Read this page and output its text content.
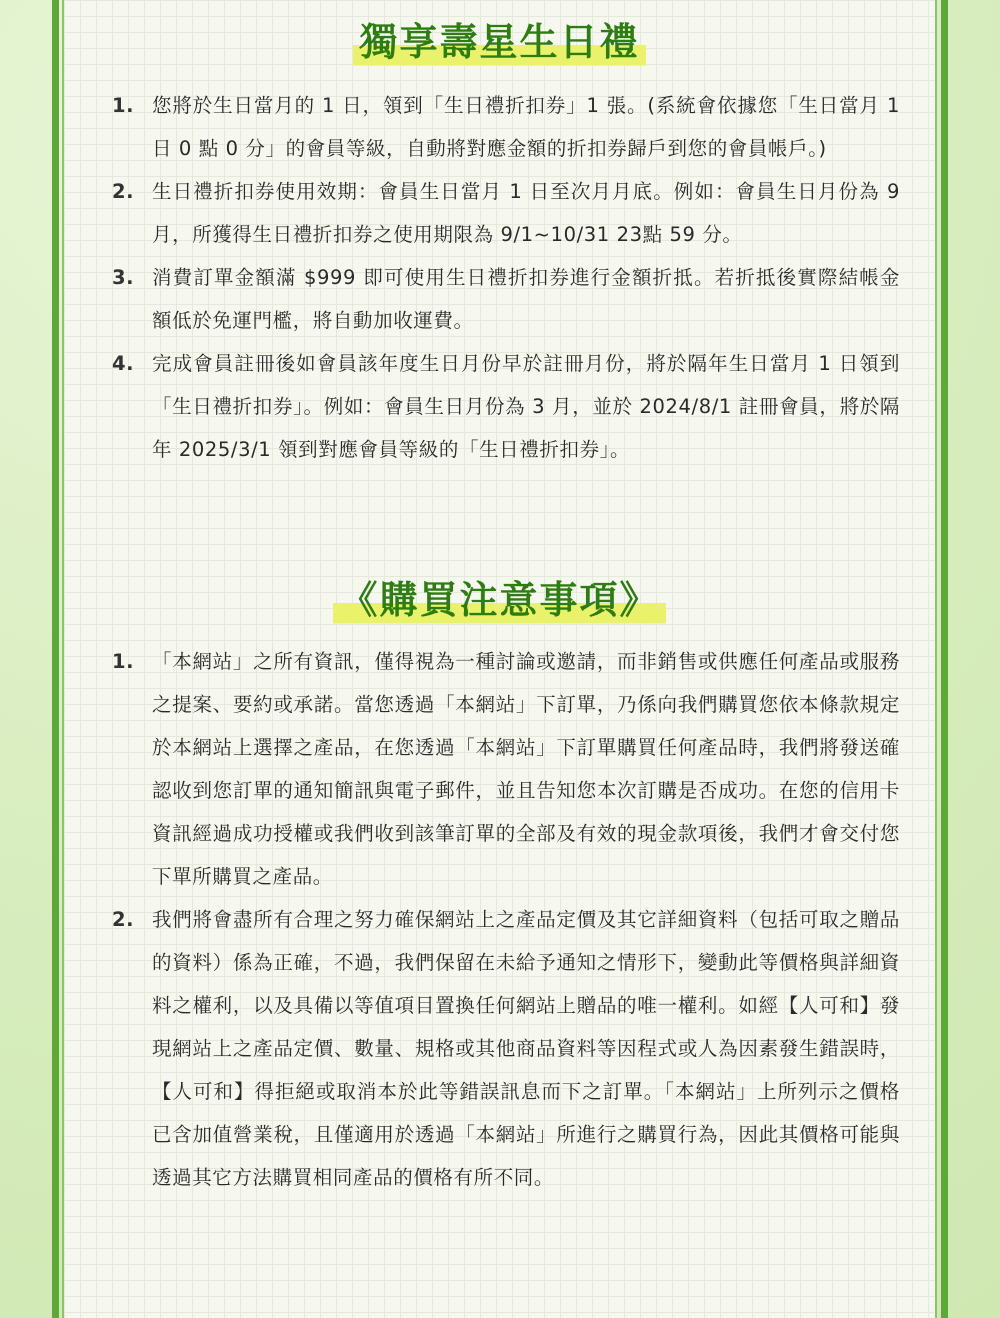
獨享壽星生日禮
1. 您將於生日當月的 1 日，領到「生日禮折扣券」1 張。(系統會依據您「生日當月 1 日 0 點 0 分」的會員等級，自動將對應金額的折扣券歸戶到您的會員帳戶。)
2. 生日禮折扣券使用效期：會員生日當月 1 日至次月月底。例如：會員生日月份為 9 月，所獲得生日禮折扣券之使用期限為 9/1~10/31 23點 59 分。
3. 消費訂單金額滿 $999 即可使用生日禮折扣券進行金額折抵。若折抵後實際結帳金額低於免運門檻，將自動加收運費。
4. 完成會員註冊後如會員該年度生日月份早於註冊月份，將於隔年生日當月 1 日領到「生日禮折扣券」。例如：會員生日月份為 3 月，並於 2024/8/1 註冊會員，將於隔年 2025/3/1 領到對應會員等級的「生日禮折扣券」。
《購買注意事項》
1. 「本網站」之所有資訊，僅得視為一種討論或邀請，而非銷售或供應任何產品或服務之提案、要約或承諾。當您透過「本網站」下訂單，乃係向我們購買您依本條款規定於本網站上選擇之產品，在您透過「本網站」下訂單購買任何產品時，我們將發送確認收到您訂單的通知簡訊與電子郵件，並且告知您本次訂購是否成功。在您的信用卡資訊經過成功授權或我們收到該筆訂單的全部及有效的現金款項後，我們才會交付您下單所購買之產品。
2. 我們將會盡所有合理之努力確保網站上之產品定價及其它詳細資料（包括可取之贈品的資料）係為正確，不過，我們保留在未給予通知之情形下，變動此等價格與詳細資料之權利，以及具備以等值項目置換任何網站上贈品的唯一權利。如經【人可和】發現網站上之產品定價、數量、規格或其他商品資料等因程式或人為因素發生錯誤時，【人可和】得拒絕或取消本於此等錯誤訊息而下之訂單。「本網站」上所列示之價格已含加值營業稅，且僅適用於透過「本網站」所進行之購買行為，因此其價格可能與透過其它方法購買相同產品的價格有所不同。
